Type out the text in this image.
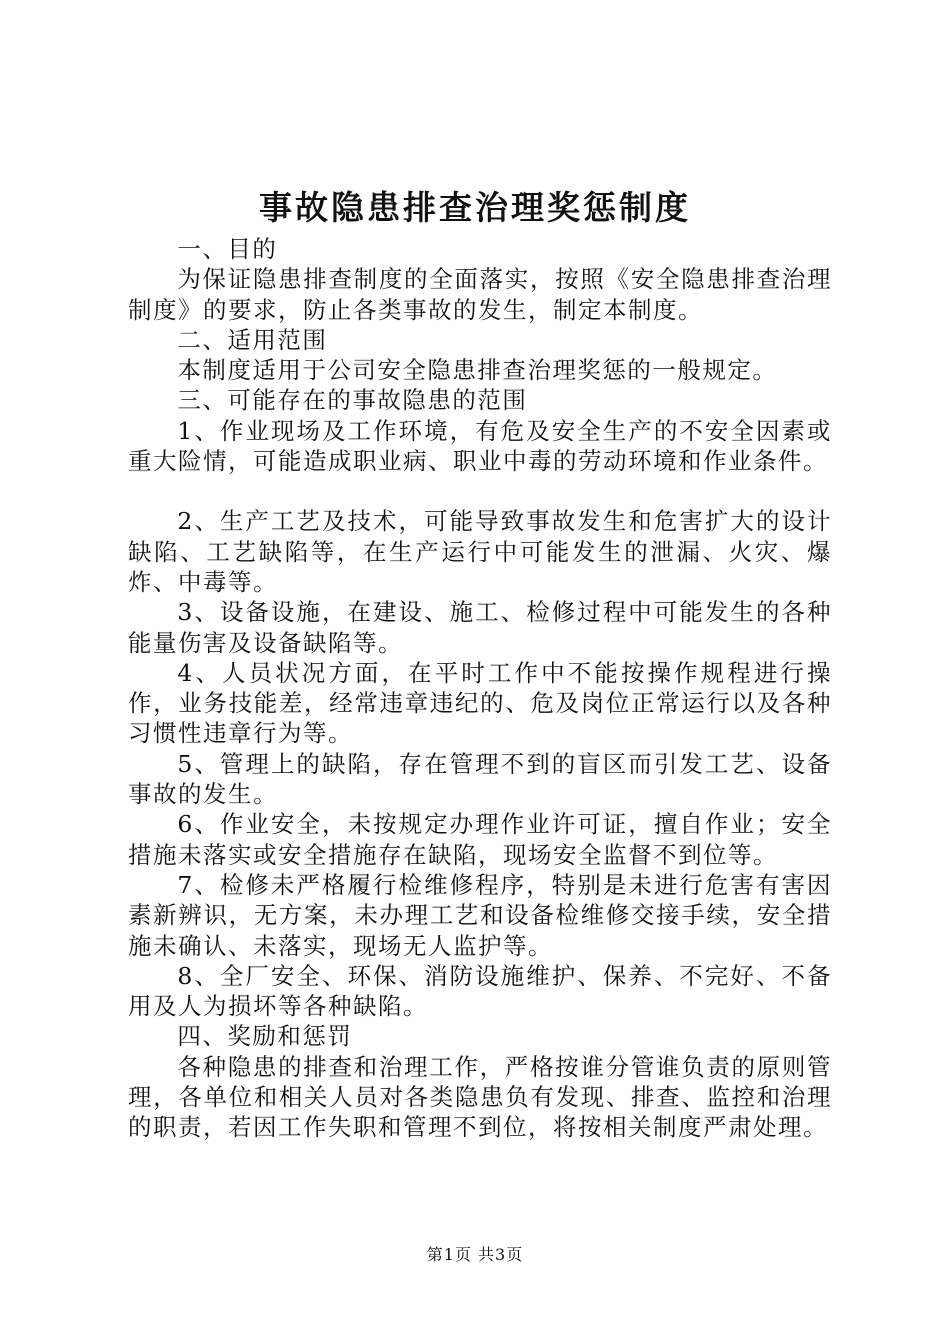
事故隐患排查治理奖惩制度

一、目的

为保证隐患排查制度的全面落实，按照《安全隐患排查治理制度》的要求，防止各类事故的发生，制定本制度。

二、适用范围

本制度适用于公司安全隐患排查治理奖惩的一般规定。

三、可能存在的事故隐患的范围

1、作业现场及工作环境，有危及安全生产的不安全因素或重大险情，可能造成职业病、职业中毒的劳动环境和作业条件。

2、生产工艺及技术，可能导致事故发生和危害扩大的设计缺陷、工艺缺陷等，在生产运行中可能发生的泄漏、火灾、爆炸、中毒等。

3、设备设施，在建设、施工、检修过程中可能发生的各种能量伤害及设备缺陷等。

4、人员状况方面，在平时工作中不能按操作规程进行操作，业务技能差，经常违章违纪的、危及岗位正常运行以及各种习惯性违章行为等。

5、管理上的缺陷，存在管理不到的盲区而引发工艺、设备事故的发生。

6、作业安全，未按规定办理作业许可证，擅自作业；安全措施未落实或安全措施存在缺陷，现场安全监督不到位等。

7、检修未严格履行检维修程序，特别是未进行危害有害因素新辨识，无方案，未办理工艺和设备检维修交接手续，安全措施未确认、未落实，现场无人监护等。

8、全厂安全、环保、消防设施维护、保养、不完好、不备用及人为损坏等各种缺陷。

四、奖励和惩罚

各种隐患的排查和治理工作，严格按谁分管谁负责的原则管理，各单位和相关人员对各类隐患负有发现、排查、监控和治理的职责，若因工作失职和管理不到位，将按相关制度严肃处理。

第1页 共3页
